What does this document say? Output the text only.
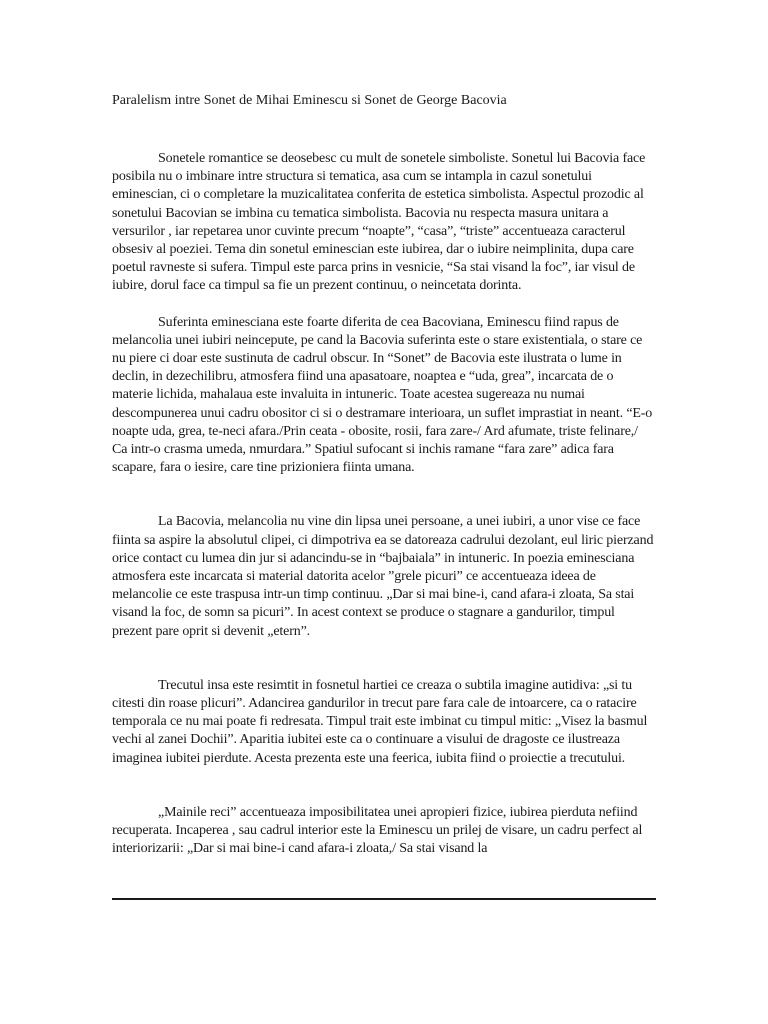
Paralelism intre Sonet de Mihai Eminescu si Sonet de George Bacovia

Sonetele romantice se deosebesc cu mult de sonetele simboliste. Sonetul lui Bacovia face posibila nu o imbinare intre structura si tematica, asa cum se intampla in cazul sonetului eminescian, ci o completare la muzicalitatea conferita de estetica simbolista. Aspectul prozodic al sonetului Bacovian se imbina cu tematica simbolista. Bacovia nu respecta masura unitara a versurilor , iar repetarea unor cuvinte precum “noapte”, “casa”, “triste” accentueaza caracterul obsesiv al poeziei. Tema din sonetul eminescian este iubirea, dar o iubire neimplinita, dupa care poetul ravneste si sufera. Timpul este parca prins in vesnicie, “Sa stai visand la foc”, iar visul de iubire, dorul face ca timpul sa fie un prezent continuu, o neincetata dorinta.

Suferinta eminesciana este foarte diferita de cea Bacoviana, Eminescu fiind rapus de melancolia unei iubiri neincepute, pe cand la Bacovia suferinta este o stare existentiala, o stare ce nu piere ci doar este sustinuta de cadrul obscur. In “Sonet” de Bacovia este ilustrata o lume in declin, in dezechilibru, atmosfera fiind una apasatoare, noaptea e “uda, grea”, incarcata de o materie lichida, mahalaua este invaluita in intuneric. Toate acestea sugereaza nu numai descompunerea unui cadru obositor ci si o destramare interioara, un suflet imprastiat in neant. “E-o noapte uda, grea, te-neci afara./Prin ceata - obosite, rosii, fara zare-/ Ard afumate, triste felinare,/ Ca intr-o crasma umeda, nmurdara.” Spatiul sufocant si inchis ramane “fara zare” adica fara scapare, fara o iesire, care tine prizioniera fiinta umana.

La Bacovia, melancolia nu vine din lipsa unei persoane, a unei iubiri, a unor vise ce face fiinta sa aspire la absolutul clipei, ci dimpotriva ea se datoreaza cadrului dezolant, eul liric pierzand orice contact cu lumea din jur si adancindu-se in “bajbaiala” in intuneric. In poezia eminesciana atmosfera este incarcata si material datorita acelor ”grele picuri” ce accentueaza ideea de melancolie ce este traspusa intr-un timp continuu. „Dar si mai bine-i, cand afara-i zloata, Sa stai visand la foc, de somn sa picuri”. In acest context se produce o stagnare a gandurilor, timpul prezent pare oprit si devenit „etern”.

Trecutul insa este resimtit in fosnetul hartiei ce creaza o subtila imagine autidiva: „si tu citesti din roase plicuri”. Adancirea gandurilor in trecut pare fara cale de intoarcere, ca o ratacire temporala ce nu mai poate fi redresata. Timpul trait este imbinat cu timpul mitic: „Visez la basmul vechi al zanei Dochii”. Aparitia iubitei este ca o continuare a visului de dragoste ce ilustreaza imaginea iubitei pierdute. Acesta prezenta este una feerica, iubita fiind o proiectie a trecutului.

„Mainile reci” accentueaza imposibilitatea unei apropieri fizice, iubirea pierduta nefiind recuperata. Incaperea , sau cadrul interior este la Eminescu un prilej de visare, un cadru perfect al interiorizarii: „Dar si mai bine-i cand afara-i zloata,/ Sa stai visand la
